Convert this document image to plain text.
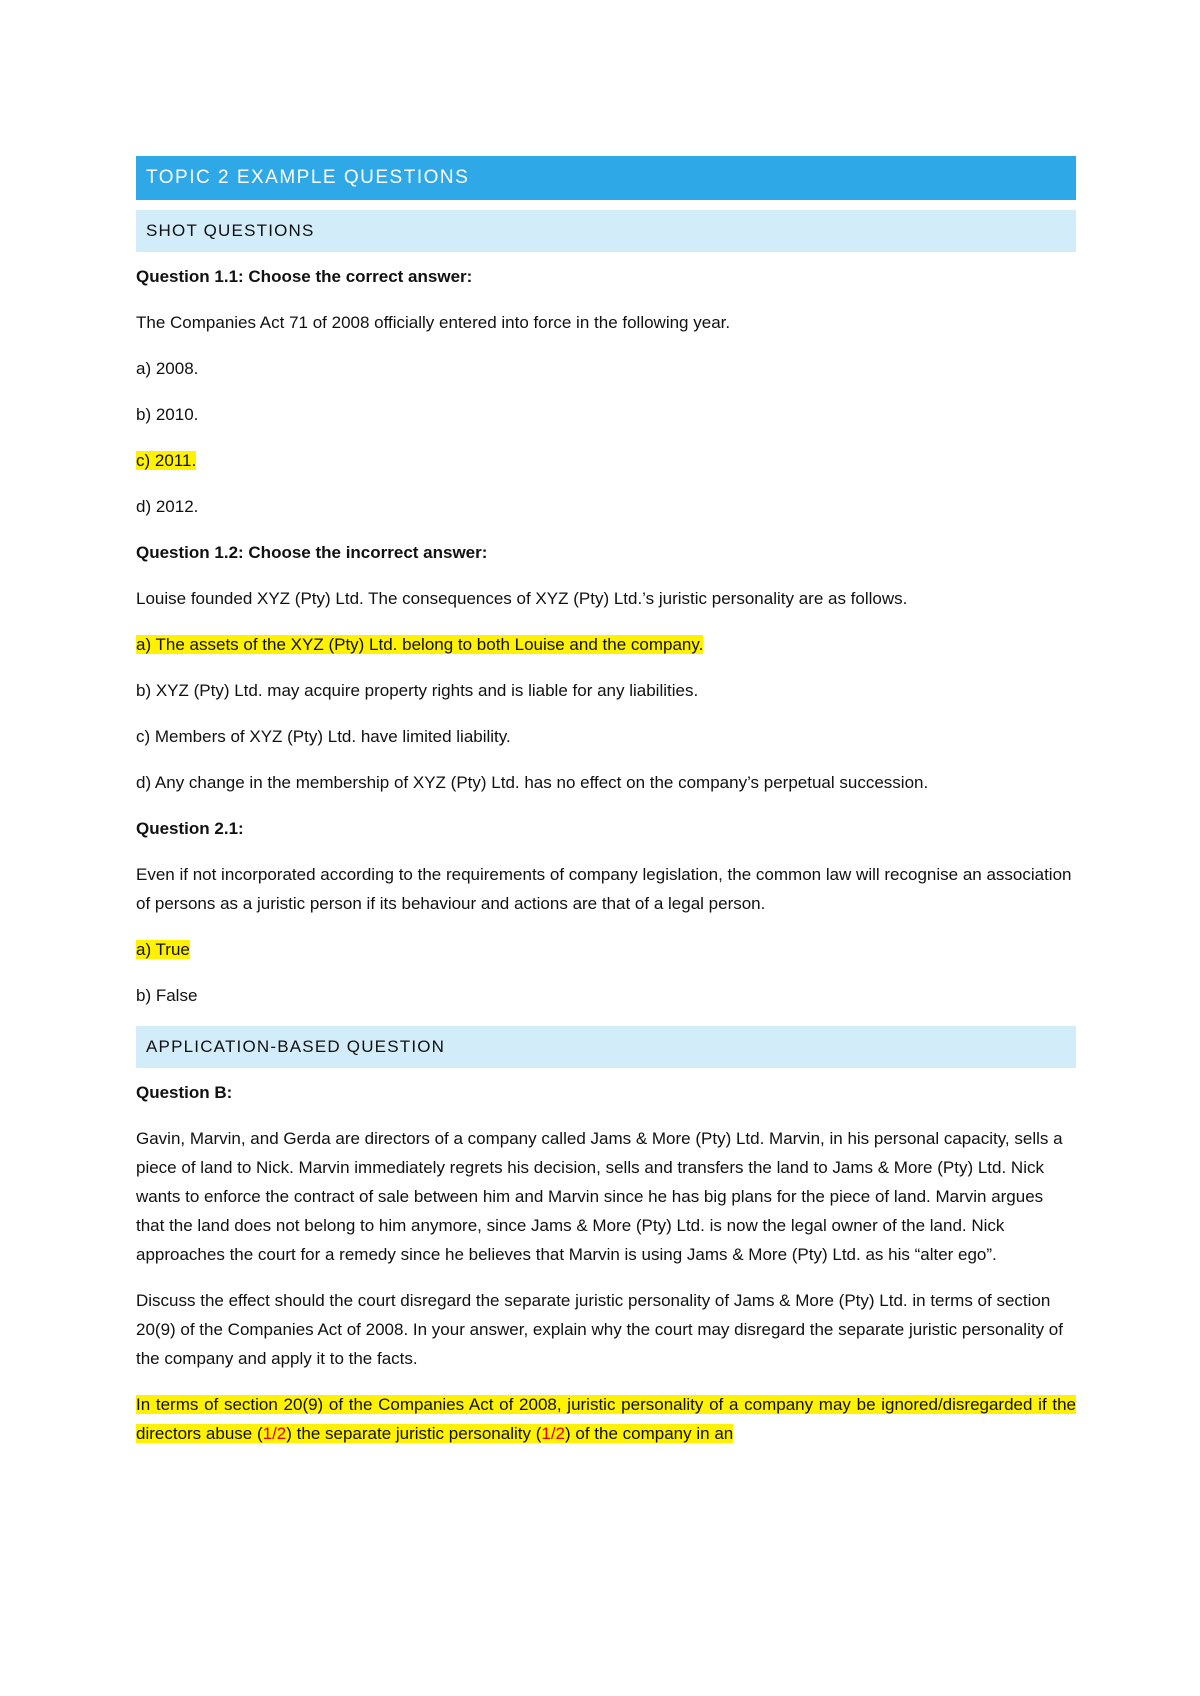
TOPIC 2 EXAMPLE QUESTIONS
SHOT QUESTIONS

Question 1.1: Choose the correct answer:

The Companies Act 71 of 2008 officially entered into force in the following year.

a) 2008.

b) 2010.

c) 2011.

d) 2012.

Question 1.2: Choose the incorrect answer:

Louise founded XYZ (Pty) Ltd. The consequences of XYZ (Pty) Ltd.’s juristic personality are as follows.

a) The assets of the XYZ (Pty) Ltd. belong to both Louise and the company.

b) XYZ (Pty) Ltd. may acquire property rights and is liable for any liabilities.

c) Members of XYZ (Pty) Ltd. have limited liability.

d) Any change in the membership of XYZ (Pty) Ltd. has no effect on the company’s perpetual succession.

Question 2.1:

Even if not incorporated according to the requirements of company legislation, the common law will recognise an association of persons as a juristic person if its behaviour and actions are that of a legal person.

a) True

b) False

APPLICATION-BASED QUESTION

Question B:

Gavin, Marvin, and Gerda are directors of a company called Jams & More (Pty) Ltd. Marvin, in his personal capacity, sells a piece of land to Nick. Marvin immediately regrets his decision, sells and transfers the land to Jams & More (Pty) Ltd. Nick wants to enforce the contract of sale between him and Marvin since he has big plans for the piece of land. Marvin argues that the land does not belong to him anymore, since Jams & More (Pty) Ltd. is now the legal owner of the land. Nick approaches the court for a remedy since he believes that Marvin is using Jams & More (Pty) Ltd. as his “alter ego”.

Discuss the effect should the court disregard the separate juristic personality of Jams & More (Pty) Ltd. in terms of section 20(9) of the Companies Act of 2008. In your answer, explain why the court may disregard the separate juristic personality of the company and apply it to the facts.

In terms of section 20(9) of the Companies Act of 2008, juristic personality of a company may be ignored/disregarded if the directors abuse (1/2) the separate juristic personality (1/2) of the company in an
